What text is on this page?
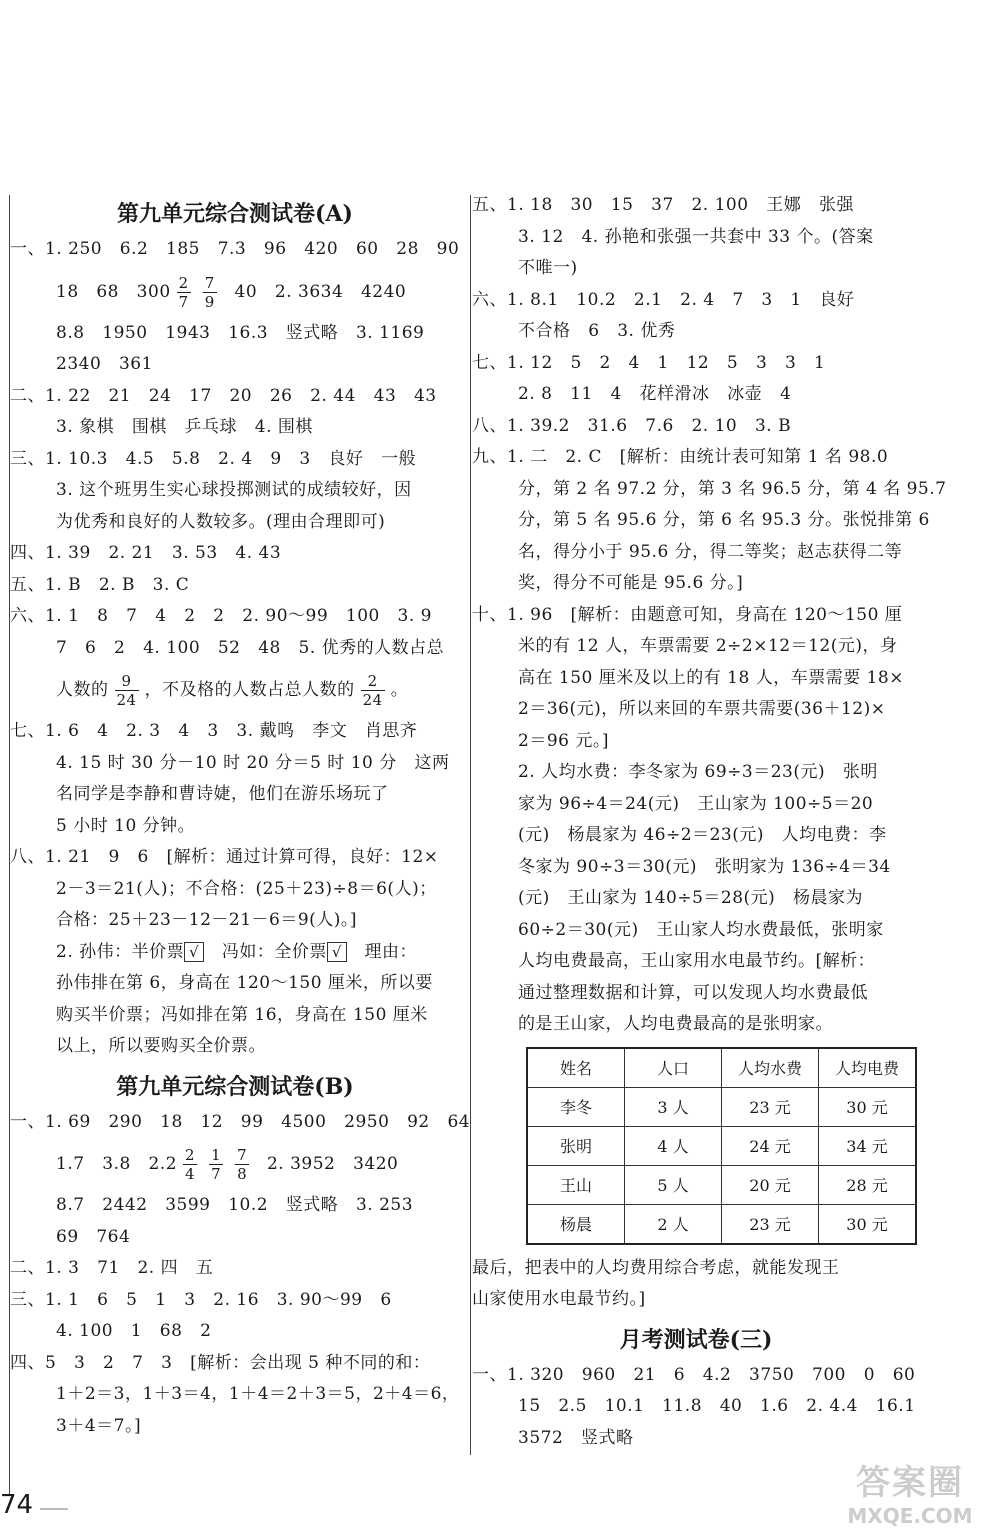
第九单元综合测试卷(A)
一、1. 250   6.2   185   7.3   96   420   60   28   90
18   68   $300 \frac{2}{7} \frac{7}{9} 40$   2. 3634   4240
8.8   1950   1943   16.3   竖式略   3. 1169
2340   361
二、1. 22   21   24   17   20   26   2. 44   43   43
3. 象棋   围棋   乒乓球   4. 围棋
三、1. 10.3   4.5   5.8   2. 4   9   3   良好   一般
3. 这个班男生实心球投掷测试的成绩较好，因
为优秀和良好的人数较多。(理由合理即可)
四、1. 39   2. 21   3. 53   4. 43
五、1. B   2. B   3. C
六、1. 1   8   7   4   2   2   2. 90～99   100   3. 9
7   6   2   4. 100   52   48   5. 优秀的人数占总
人数的 $\frac{9}{24}$ ，不及格的人数占总人数的 $\frac{2}{24}$ 。
七、1. 6   4   2. 3   4   3   3. 戴鸣   李文   肖思齐
4. 15 时 30 分－10 时 20 分＝5 时 10 分   这两
名同学是李静和曹诗婕，他们在游乐场玩了
5 小时 10 分钟。
八、1. 21   9   6   [解析：通过计算可得，良好：12×
2－3＝21(人)；不合格：(25＋23)÷8＝6(人)；
合格：25＋23－12－21－6＝9(人)。]
2. 孙伟：半价票 √   冯如：全价票 √   理由：
孙伟排在第 6，身高在 120～150 厘米，所以要
购买半价票；冯如排在第 16，身高在 150 厘米
以上，所以要购买全价票。
第九单元综合测试卷(B)
一、1. 69   290   18   12   99   4500   2950   92   64
1.7   3.8   $2.2 \frac{2}{4} \frac{1}{7} \frac{7}{8} 2$. 3952   3420
8.7   2442   3599   10.2   竖式略   3. 253
69   764
二、1. 3   71   2. 四   五
三、1. 1   6   5   1   3   2. 16   3. 90～99   6
4. 100   1   68   2
四、5   3   2   7   3   [解析：会出现 5 种不同的和：
1＋2＝3，1＋3＝4，1＋4＝2＋3＝5，2＋4＝6，
3＋4＝7。]
五、1. 18   30   15   37   2. 100   王娜   张强
3. 12   4. 孙艳和张强一共套中 33 个。(答案
不唯一)
六、1. 8.1   10.2   2.1   2. 4   7   3   1   良好
不合格   6   3. 优秀
七、1. 12   5   2   4   1   12   5   3   3   1
2. 8   11   4   花样滑冰   冰壶   4
八、1. 39.2   31.6   7.6   2. 10   3. B
九、1. 二   2. C   [解析：由统计表可知第 1 名 98.0
分，第 2 名 97.2 分，第 3 名 96.5 分，第 4 名 95.7
分，第 5 名 95.6 分，第 6 名 95.3 分。张悦排第 6
名，得分小于 95.6 分，得二等奖；赵志获得二等
奖，得分不可能是 95.6 分。]
十、1. 96   [解析：由题意可知，身高在 120～150 厘
米的有 12 人，车票需要 2÷2×12＝12(元)，身
高在 150 厘米及以上的有 18 人，车票需要 18×
2＝36(元)，所以来回的车票共需要(36＋12)×
2＝96 元。]
2. 人均水费：李冬家为 69÷3＝23(元)   张明
家为 96÷4＝24(元)   王山家为 100÷5＝20
(元)   杨晨家为 46÷2＝23(元)   人均电费：李
冬家为 90÷3＝30(元)   张明家为 136÷4＝34
(元)   王山家为 140÷5＝28(元)   杨晨家为
60÷2＝30(元)   王山家人均水费最低，张明家
人均电费最高，王山家用水电最节约。[解析：
通过整理数据和计算，可以发现人均水费最低
的是王山家，人均电费最高的是张明家。
姓名	人口	人均水费	人均电费
李冬	3 人	23 元	30 元
张明	4 人	24 元	34 元
王山	5 人	20 元	28 元
杨晨	2 人	23 元	30 元
最后，把表中的人均费用综合考虑，就能发现王
山家使用水电最节约。]
月考测试卷(三)
一、1. 320   960   21   6   4.2   3750   700   0   60
15   2.5   10.1   11.8   40   1.6   2. 4.4   16.1
3572   竖式略
74
答案圈
MXQE.COM
